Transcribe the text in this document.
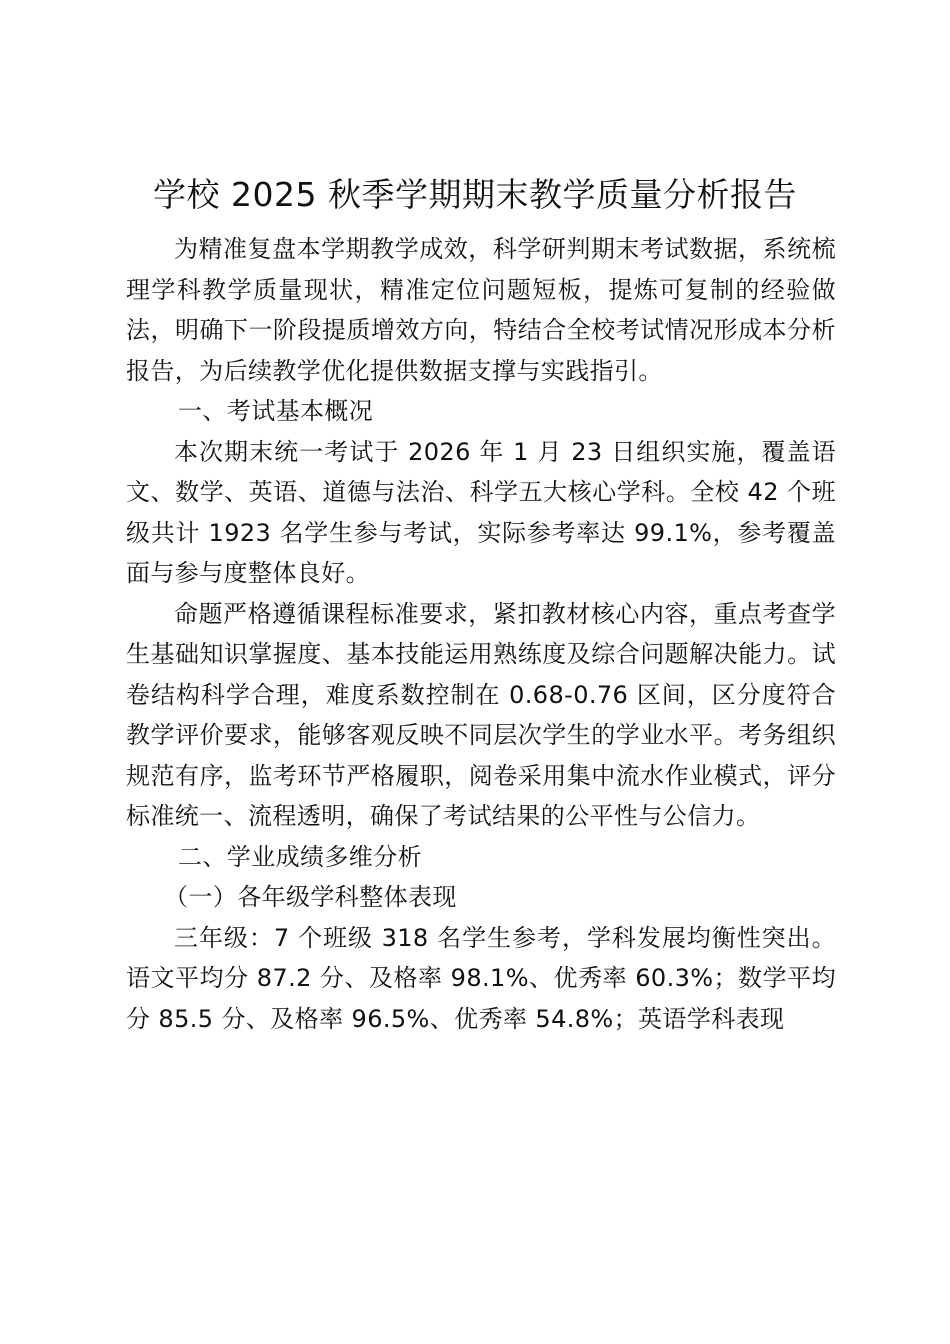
学校 2025 秋季学期期末教学质量分析报告

为精准复盘本学期教学成效，科学研判期末考试数据，系统梳理学科教学质量现状，精准定位问题短板，提炼可复制的经验做法，明确下一阶段提质增效方向，特结合全校考试情况形成本分析报告，为后续教学优化提供数据支撑与实践指引。

一、考试基本概况

本次期末统一考试于 2026 年 1 月 23 日组织实施，覆盖语文、数学、英语、道德与法治、科学五大核心学科。全校 42 个班级共计 1923 名学生参与考试，实际参考率达 99.1%，参考覆盖面与参与度整体良好。

命题严格遵循课程标准要求，紧扣教材核心内容，重点考查学生基础知识掌握度、基本技能运用熟练度及综合问题解决能力。试卷结构科学合理，难度系数控制在 0.68-0.76 区间，区分度符合教学评价要求，能够客观反映不同层次学生的学业水平。考务组织规范有序，监考环节严格履职，阅卷采用集中流水作业模式，评分标准统一、流程透明，确保了考试结果的公平性与公信力。

二、学业成绩多维分析

（一）各年级学科整体表现

三年级：7 个班级 318 名学生参考，学科发展均衡性突出。语文平均分 87.2 分、及格率 98.1%、优秀率 60.3%；数学平均分 85.5 分、及格率 96.5%、优秀率 54.8%；英语学科表现
